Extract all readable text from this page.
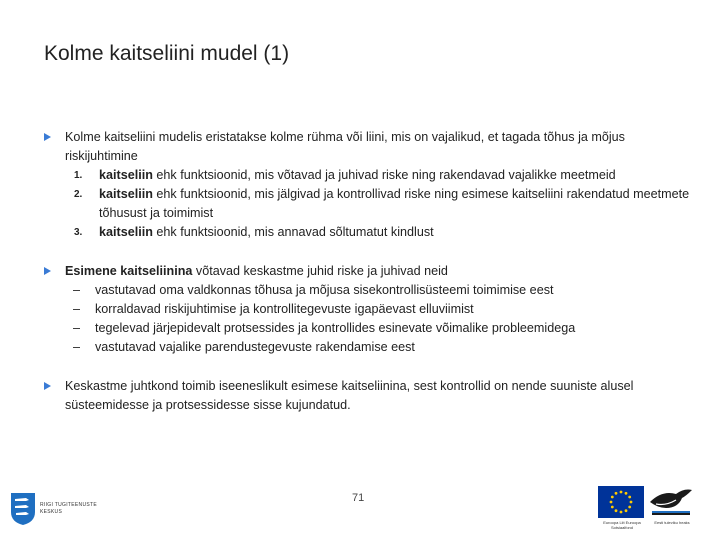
Kolme kaitseliini mudel (1)
Kolme kaitseliini mudelis eristatakse kolme rühma või liini, mis on vajalikud, et tagada tõhus ja mõjus riskijuhtimine
1. kaitseliin ehk funktsioonid, mis võtavad ja juhivad riske ning rakendavad vajalikke meetmeid
2. kaitseliin ehk funktsioonid, mis jälgivad ja kontrollivad riske ning esimese kaitseliini rakendatud meetmete tõhusust ja toimimist
3. kaitseliin ehk funktsioonid, mis annavad sõltumatut kindlust
Esimene kaitseliinina võtavad keskastme juhid riske ja juhivad neid
– vastutavad oma valdkonnas tõhusa ja mõjusa sisekontrollisüsteemi toimimise eest
– korraldavad riskijuhtimise ja kontrollitegevuste igapäevast elluviimist
– tegelevad järjepidevalt protsessides ja kontrollides esinevate võimalike probleemidega
– vastutavad vajalike parendustegevuste rakendamise eest
Keskastme juhtkond toimib iseeneslikult esimese kaitseliinina, sest kontrollid on nende suuniste alusel süsteemidesse ja protsessidesse sisse kujundatud.
71
RIIGI TUGITEENUSTE
KESKUS
Euroopa Liit Euroopa Sotsiaalfond
Eesti tuleviku heaks
